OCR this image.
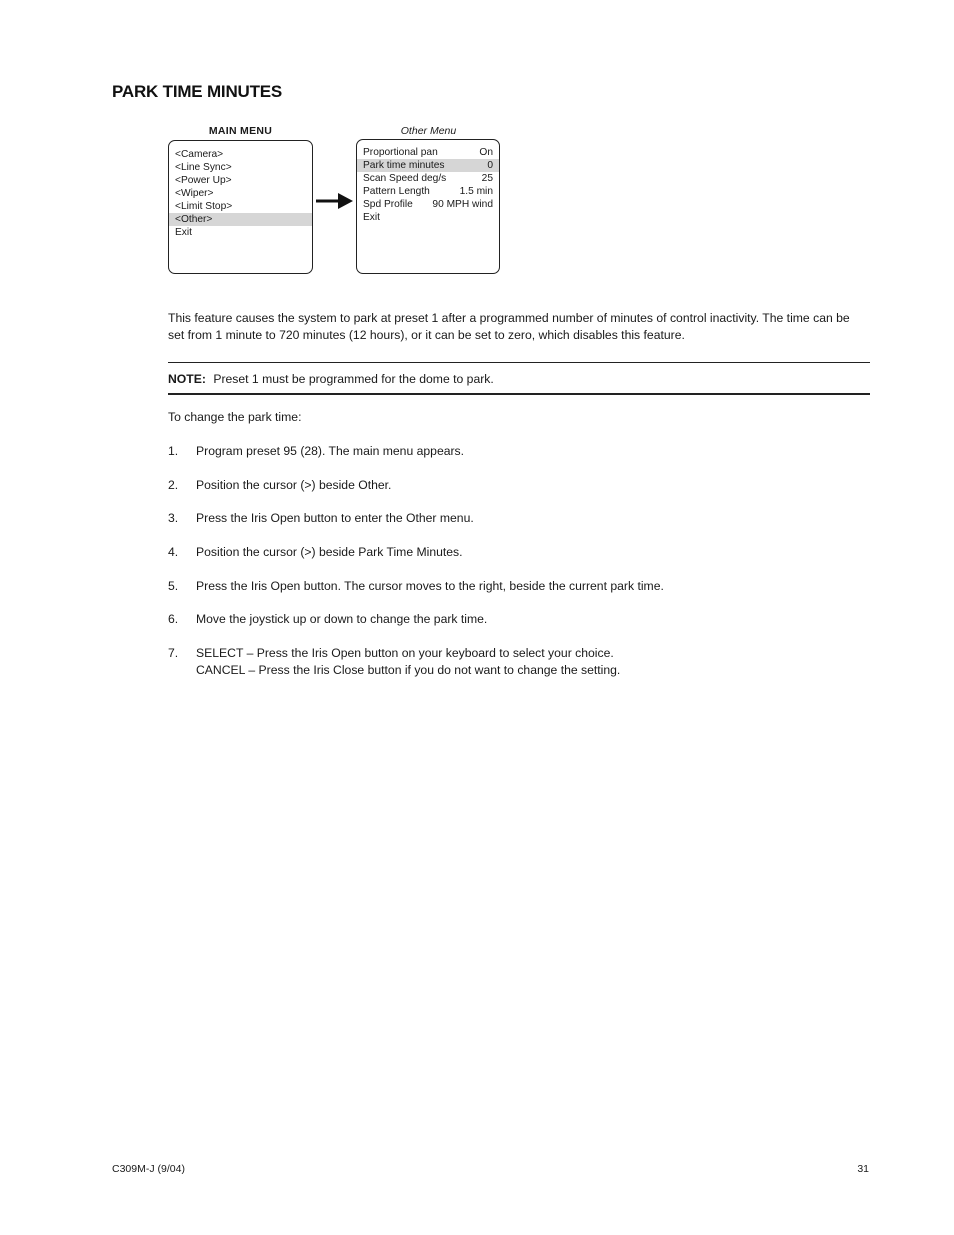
PARK TIME MINUTES
MAIN MENU
<Camera>
<Line Sync>
<Power Up>
<Wiper>
<Limit Stop>
<Other>
Exit
Other Menu
Proportional pan	On
Park time minutes	0
Scan Speed deg/s	25
Pattern Length	1.5 min
Spd Profile 90 MPH wind
Exit
This feature causes the system to park at preset 1 after a programmed number of minutes of control inactivity. The time can be set from 1 minute to 720 minutes (12 hours), or it can be set to zero, which disables this feature.
NOTE: Preset 1 must be programmed for the dome to park.
To change the park time:
1. Program preset 95 (28). The main menu appears.
2. Position the cursor (>) beside Other.
3. Press the Iris Open button to enter the Other menu.
4. Position the cursor (>) beside Park Time Minutes.
5. Press the Iris Open button. The cursor moves to the right, beside the current park time.
6. Move the joystick up or down to change the park time.
7. SELECT – Press the Iris Open button on your keyboard to select your choice.
CANCEL – Press the Iris Close button if you do not want to change the setting.
C309M-J (9/04)	31
